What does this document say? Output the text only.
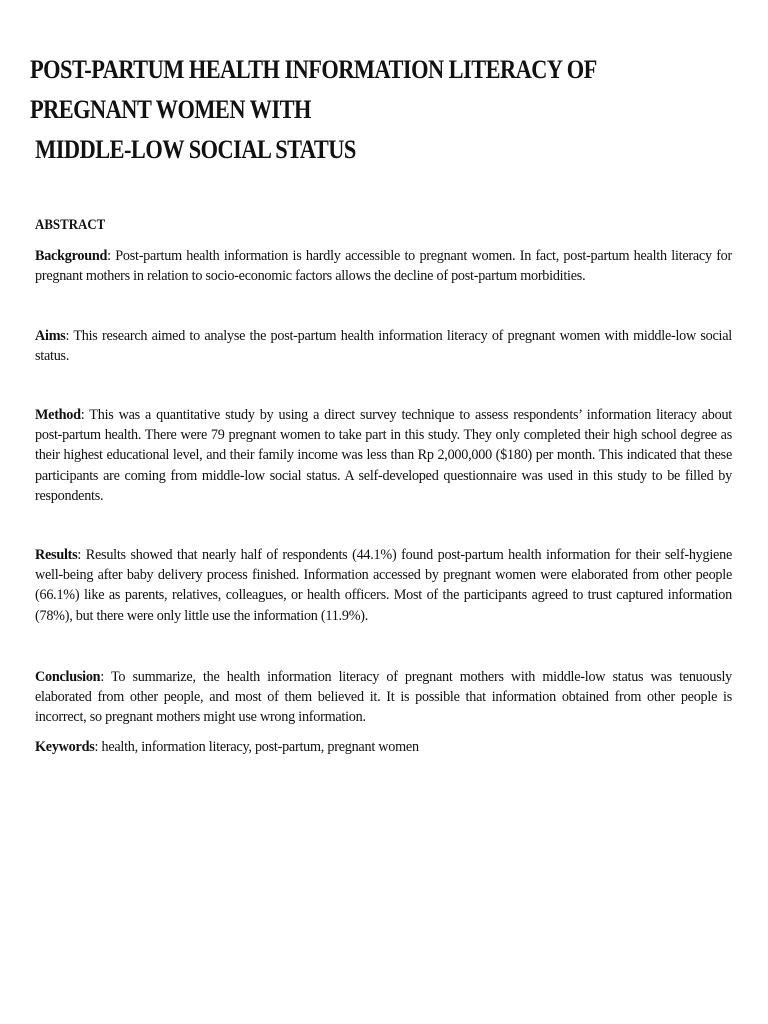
POST-PARTUM HEALTH INFORMATION LITERACY OF
PREGNANT WOMEN WITH
MIDDLE-LOW SOCIAL STATUS
ABSTRACT

Background: Post-partum health information is hardly accessible to pregnant women. In fact, post-partum health literacy for pregnant mothers in relation to socio-economic factors allows the decline of post-partum morbidities.

Aims: This research aimed to analyse the post-partum health information literacy of pregnant women with middle-low social status.

Method: This was a quantitative study by using a direct survey technique to assess respondents’ information literacy about post-partum health. There were 79 pregnant women to take part in this study. They only completed their high school degree as their highest educational level, and their family income was less than Rp 2,000,000 ($180) per month. This indicated that these participants are coming from middle-low social status. A self-developed questionnaire was used in this study to be filled by respondents.

Results: Results showed that nearly half of respondents (44.1%) found post-partum health information for their self-hygiene well-being after baby delivery process finished. Information accessed by pregnant women were elaborated from other people (66.1%) like as parents, relatives, colleagues, or health officers. Most of the participants agreed to trust captured information (78%), but there were only little use the information (11.9%).

Conclusion: To summarize, the health information literacy of pregnant mothers with middle-low status was tenuously elaborated from other people, and most of them believed it. It is possible that information obtained from other people is incorrect, so pregnant mothers might use wrong information.

Keywords: health, information literacy, post-partum, pregnant women
